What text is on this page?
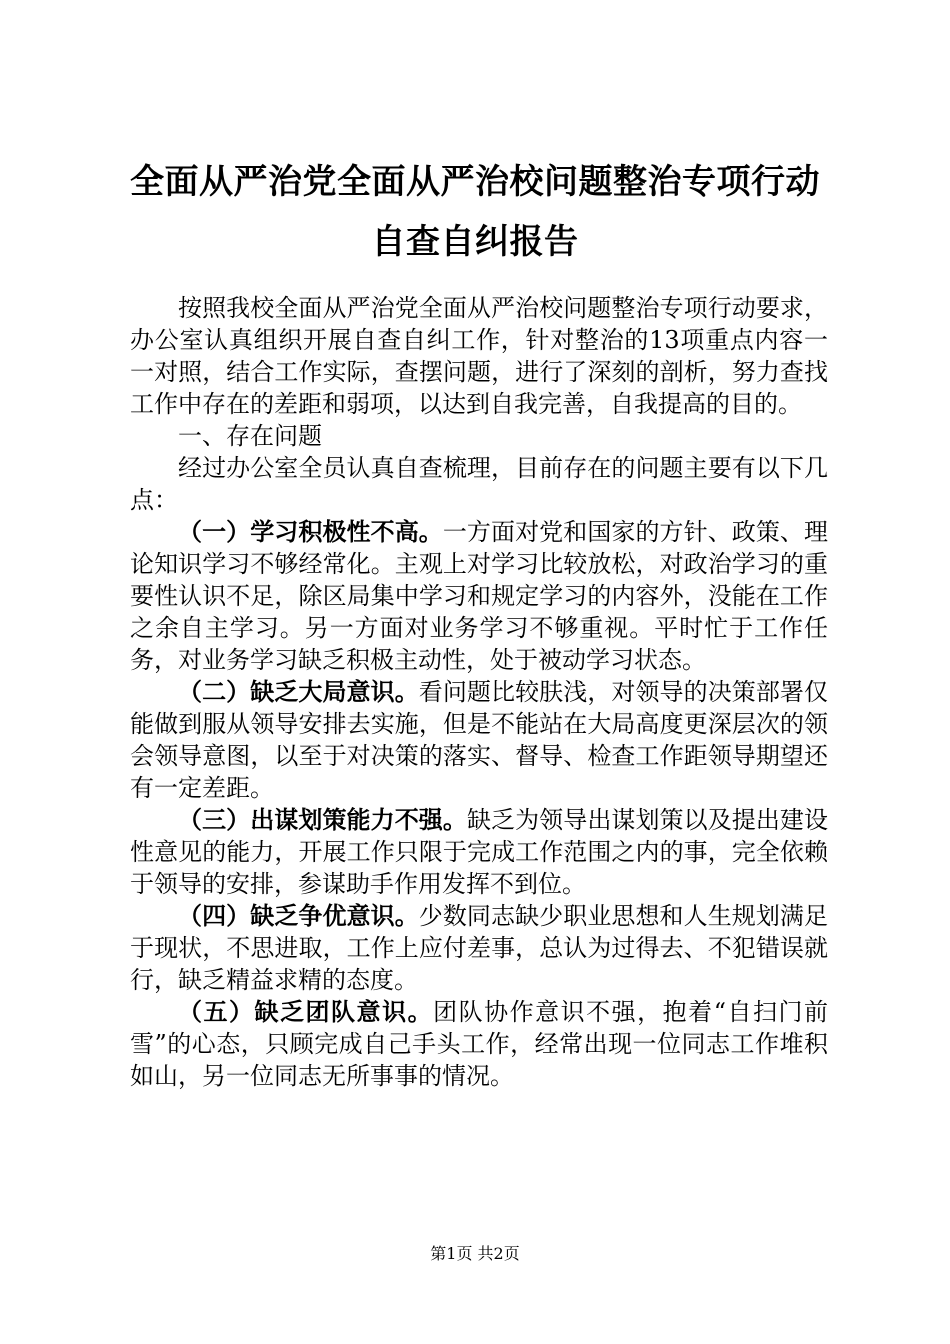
全面从严治党全面从严治校问题整治专项行动
自查自纠报告

按照我校全面从严治党全面从严治校问题整治专项行动要求，办公室认真组织开展自查自纠工作，针对整治的13项重点内容一一对照，结合工作实际，查摆问题，进行了深刻的剖析，努力查找工作中存在的差距和弱项，以达到自我完善，自我提高的目的。

一、存在问题

经过办公室全员认真自查梳理，目前存在的问题主要有以下几点：

（一）学习积极性不高。一方面对党和国家的方针、政策、理论知识学习不够经常化。主观上对学习比较放松，对政治学习的重要性认识不足，除区局集中学习和规定学习的内容外，没能在工作之余自主学习。另一方面对业务学习不够重视。平时忙于工作任务，对业务学习缺乏积极主动性，处于被动学习状态。

（二）缺乏大局意识。看问题比较肤浅，对领导的决策部署仅能做到服从领导安排去实施，但是不能站在大局高度更深层次的领会领导意图，以至于对决策的落实、督导、检查工作距领导期望还有一定差距。

（三）出谋划策能力不强。缺乏为领导出谋划策以及提出建设性意见的能力，开展工作只限于完成工作范围之内的事，完全依赖于领导的安排，参谋助手作用发挥不到位。

（四）缺乏争优意识。少数同志缺少职业思想和人生规划满足于现状，不思进取，工作上应付差事，总认为过得去、不犯错误就行，缺乏精益求精的态度。

（五）缺乏团队意识。团队协作意识不强，抱着“自扫门前雪”的心态，只顾完成自己手头工作，经常出现一位同志工作堆积如山，另一位同志无所事事的情况。

第1页 共2页
